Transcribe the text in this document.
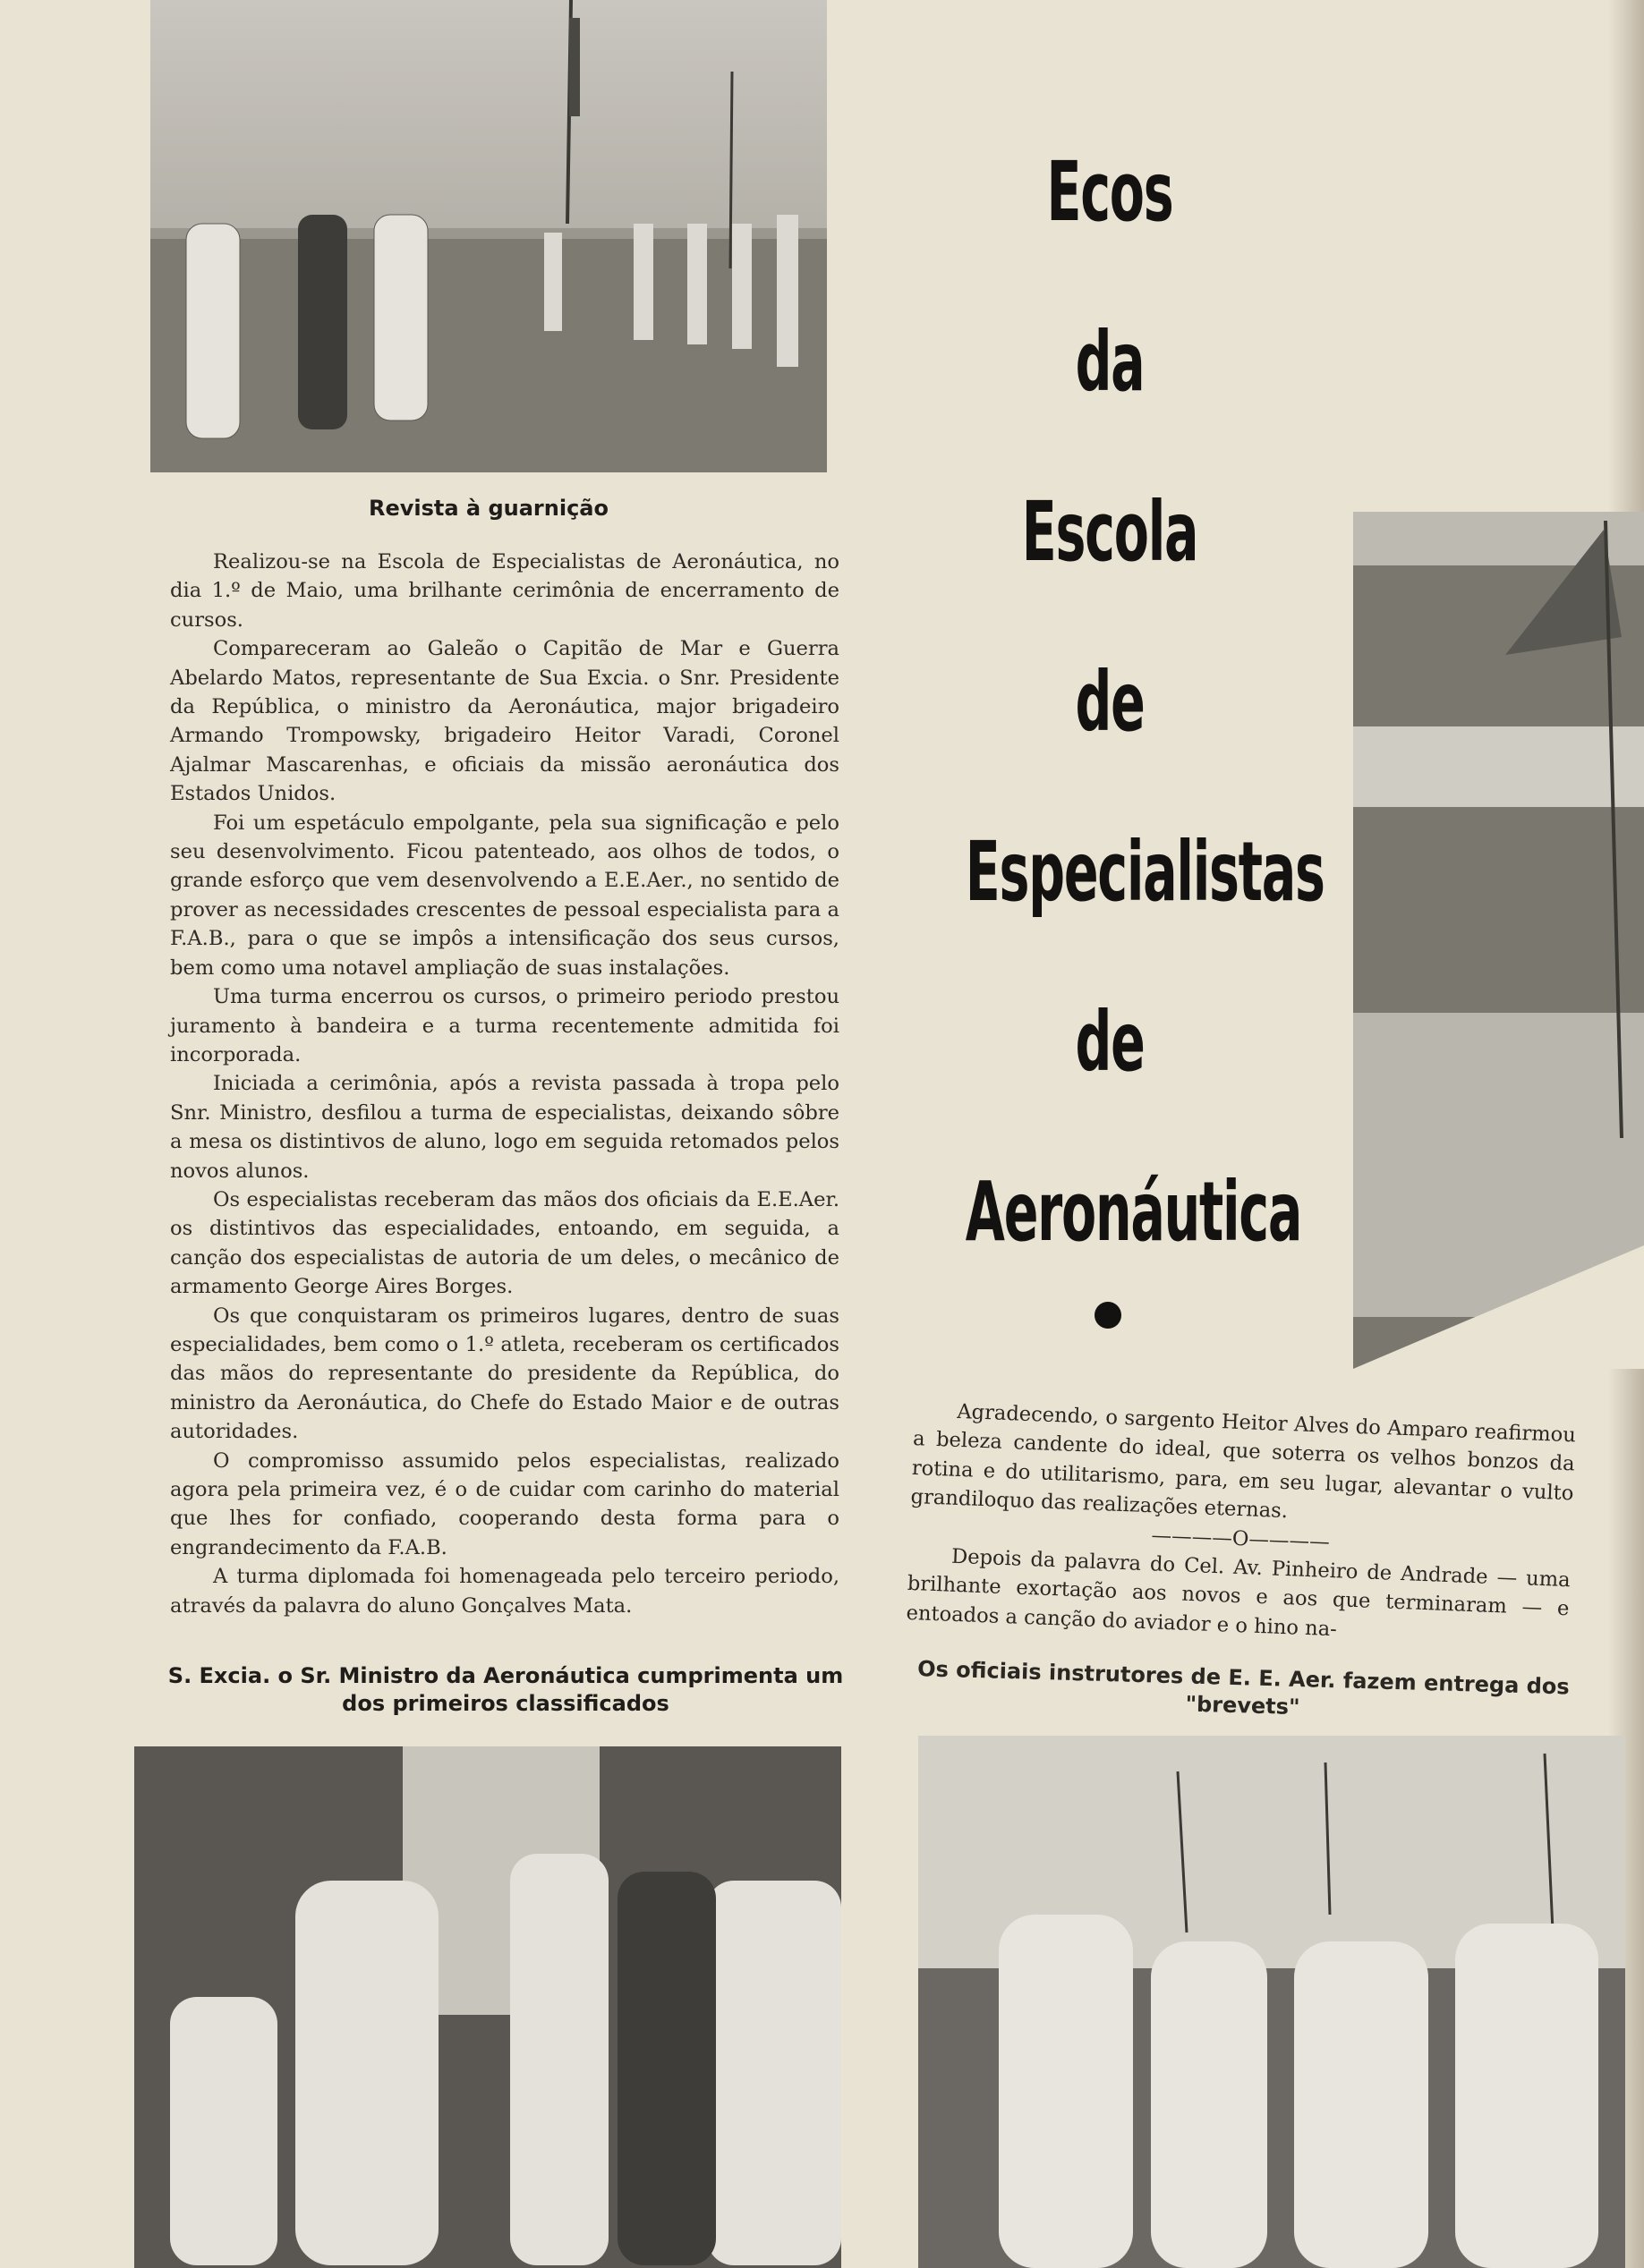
Revista à guarnição

Realizou-se na Escola de Especialistas de Aeronáutica, no dia 1.º de Maio, uma brilhante cerimônia de encerramento de cursos.

Compareceram ao Galeão o Capitão de Mar e Guerra Abelardo Matos, representante de Sua Excia. o Snr. Presidente da República, o ministro da Aeronáutica, major brigadeiro Armando Trompowsky, brigadeiro Heitor Varadi, Coronel Ajalmar Mascarenhas, e oficiais da missão aeronáutica dos Estados Unidos.

Foi um espetáculo empolgante, pela sua significação e pelo seu desenvolvimento. Ficou patenteado, aos olhos de todos, o grande esforço que vem desenvolvendo a E.E.Aer., no sentido de prover as necessidades crescentes de pessoal especialista para a F.A.B., para o que se impôs a intensificação dos seus cursos, bem como uma notavel ampliação de suas instalações.

Uma turma encerrou os cursos, o primeiro periodo prestou juramento à bandeira e a turma recentemente admitida foi incorporada.

Iniciada a cerimônia, após a revista passada à tropa pelo Snr. Ministro, desfilou a turma de especialistas, deixando sôbre a mesa os distintivos de aluno, logo em seguida retomados pelos novos alunos.

Os especialistas receberam das mãos dos oficiais da E.E.Aer. os distintivos das especialidades, entoando, em seguida, a canção dos especialistas de autoria de um deles, o mecânico de armamento George Aires Borges.

Os que conquistaram os primeiros lugares, dentro de suas especialidades, bem como o 1.º atleta, receberam os certificados das mãos do representante do presidente da República, do ministro da Aeronáutica, do Chefe do Estado Maior e de outras autoridades.

O compromisso assumido pelos especialistas, realizado agora pela primeira vez, é o de cuidar com carinho do material que lhes for confiado, cooperando desta forma para o engrandecimento da F.A.B.

A turma diplomada foi homenageada pelo terceiro periodo, através da palavra do aluno Gonçalves Mata.

S. Excia. o Sr. Ministro da Aeronáutica cumprimenta um dos primeiros classificados
Ecos
da
Escola
de
Especialistas
de
Aeronáutica

Agradecendo, o sargento Heitor Alves do Amparo reafirmou a beleza candente do ideal, que soterra os velhos bonzos da rotina e do utilitarismo, para, em seu lugar, alevantar o vulto grandiloquo das realizações eternas.

————O————

Depois da palavra do Cel. Av. Pinheiro de Andrade — uma brilhante exortação aos novos e aos que terminaram — e entoados a canção do aviador e o hino na-

Os oficiais instrutores de E. E. Aer. fazem entrega dos "brevets"
